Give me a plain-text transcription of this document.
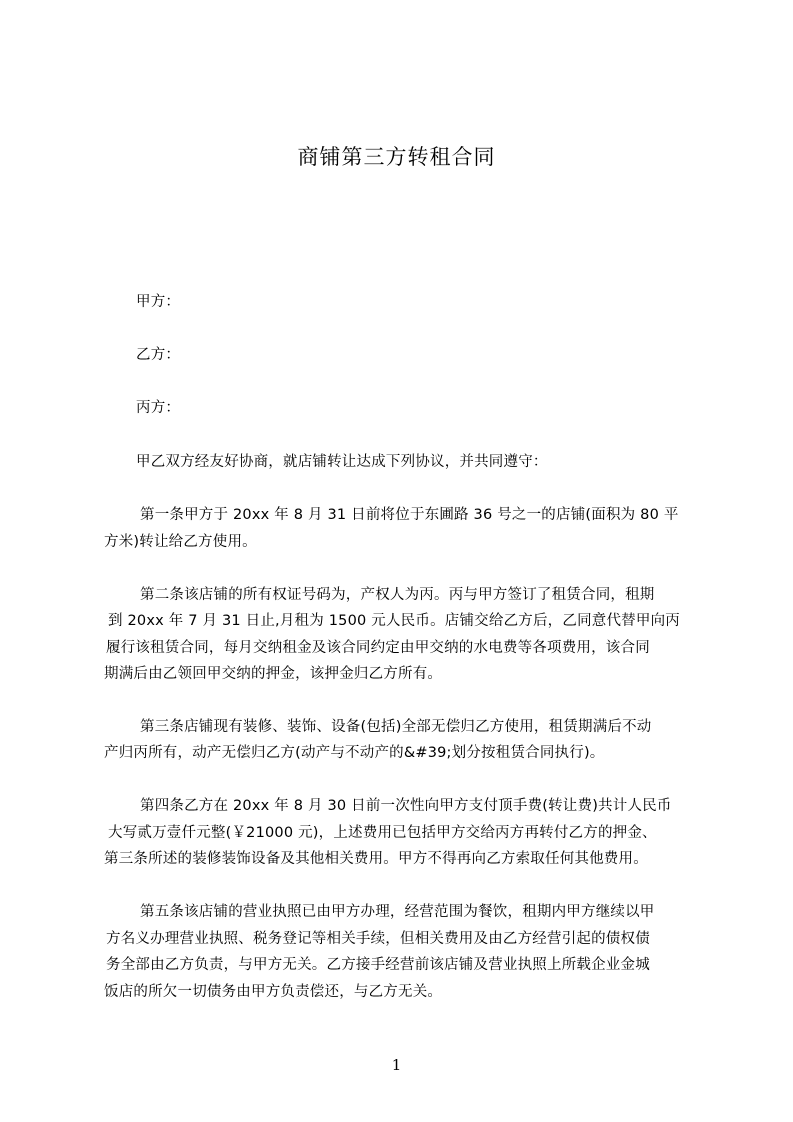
商铺第三方转租合同
甲方：
乙方：
丙方：
甲乙双方经友好协商，就店铺转让达成下列协议，并共同遵守：
第一条甲方于 20xx 年 8 月 31 日前将位于东圃路 36 号之一的店铺(面积为 80 平
方米)转让给乙方使用。
第二条该店铺的所有权证号码为，产权人为丙。丙与甲方签订了租赁合同，租期
到 20xx 年 7 月 31 日止,月租为 1500 元人民币。店铺交给乙方后，乙同意代替甲向丙
履行该租赁合同，每月交纳租金及该合同约定由甲交纳的水电费等各项费用，该合同
期满后由乙领回甲交纳的押金，该押金归乙方所有。
第三条店铺现有装修、装饰、设备(包括)全部无偿归乙方使用，租赁期满后不动
产归丙所有，动产无偿归乙方(动产与不动产的&#39;划分按租赁合同执行)。
第四条乙方在 20xx 年 8 月 30 日前一次性向甲方支付顶手费(转让费)共计人民币
大写贰万壹仟元整(￥21000 元)，上述费用已包括甲方交给丙方再转付乙方的押金、
第三条所述的装修装饰设备及其他相关费用。甲方不得再向乙方索取任何其他费用。
第五条该店铺的营业执照已由甲方办理，经营范围为餐饮，租期内甲方继续以甲
方名义办理营业执照、税务登记等相关手续，但相关费用及由乙方经营引起的债权债
务全部由乙方负责，与甲方无关。乙方接手经营前该店铺及营业执照上所载企业金城
饭店的所欠一切债务由甲方负责偿还，与乙方无关。
1
